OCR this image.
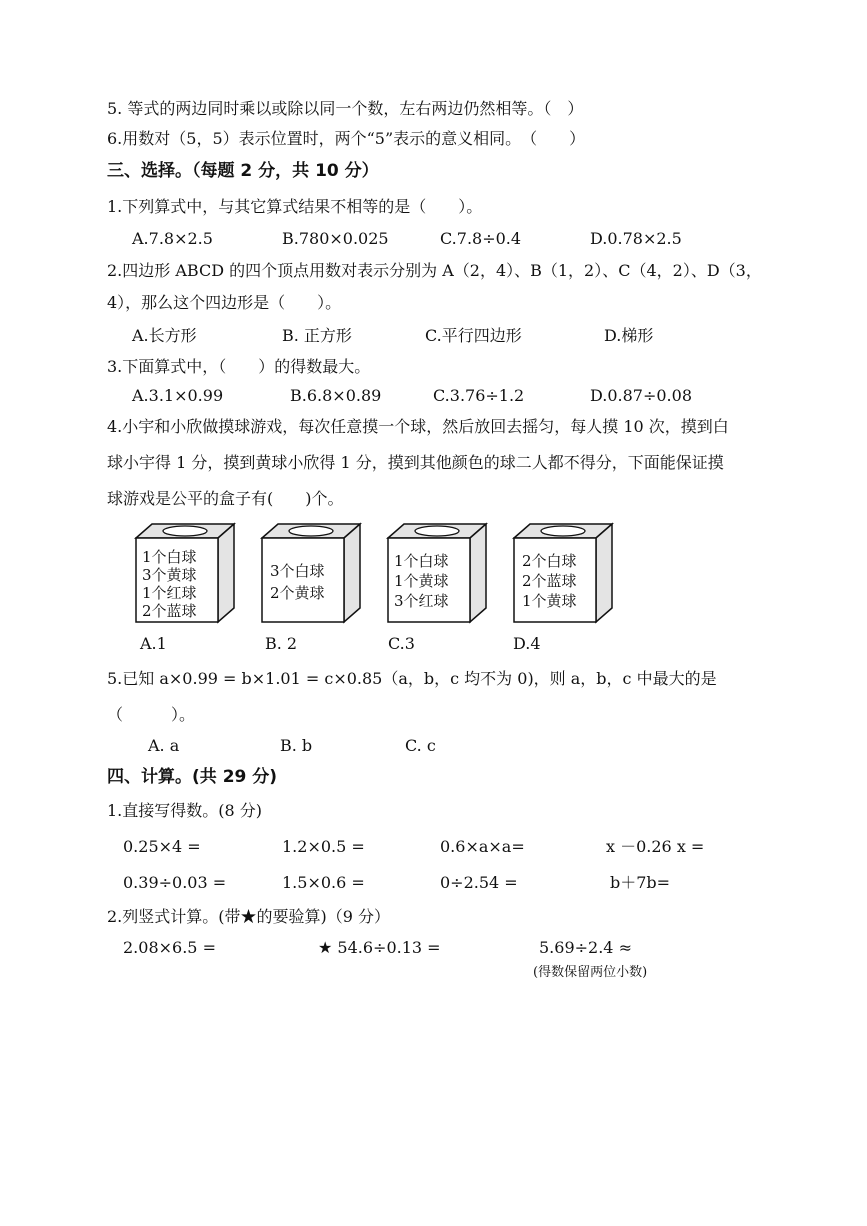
5. 等式的两边同时乘以或除以同一个数，左右两边仍然相等。（　）
6.用数对（5，5）表示位置时，两个“5”表示的意义相同。　（　　）
三、选择。（每题 2 分，共 10 分）
1.下列算式中，与其它算式结果不相等的是（　　）。
A.7.8×2.5	B.780×0.025	C.7.8÷0.4	D.0.78×2.5
2.四边形 ABCD 的四个顶点用数对表示分别为 A（2，4）、B（1，2）、C（4，2）、D（3，
4），那么这个四边形是（　　）。
A.长方形	B. 正方形	C.平行四边形	D.梯形
3.下面算式中，（　　）的得数最大。
A.3.1×0.99	B.6.8×0.89	C.3.76÷1.2	D.0.87÷0.08
4.小宇和小欣做摸球游戏，每次任意摸一个球，然后放回去摇匀，每人摸 10 次，摸到白
球小宇得 1 分，摸到黄球小欣得 1 分，摸到其他颜色的球二人都不得分，下面能保证摸
球游戏是公平的盒子有(　　)个。
1个白球
3个黄球
1个红球
2个蓝球
3个白球
2个黄球
1个白球
1个黄球
3个红球
2个白球
2个蓝球
1个黄球
A.1	B. 2	C.3	D.4
5.已知 a×0.99 = b×1.01 = c×0.85（a，b，c 均不为 0)，则 a，b，c 中最大的是
（　　　）。
A. a	B. b	C. c
四、计算。(共 29 分)
1.直接写得数。(8 分)
0.25×4 =	1.2×0.5 =	0.6×a×a=	x －0.26 x =
0.39÷0.03 =	1.5×0.6 =	0÷2.54 =	b＋7b=
2.列竖式计算。(带★的要验算)（9 分）
2.08×6.5 =	★ 54.6÷0.13 =	5.69÷2.4 ≈
(得数保留两位小数)
